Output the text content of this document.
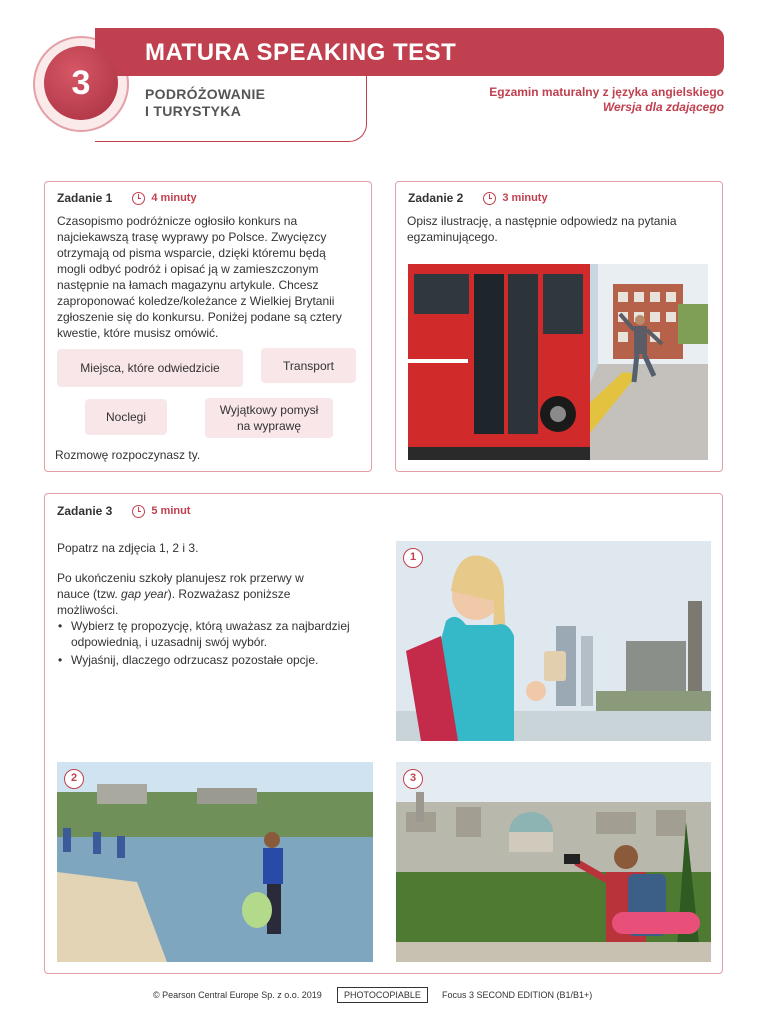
MATURA SPEAKING TEST
3	PODRÓŻOWANIE
I TURYSTYKA
Egzamin maturalny z języka angielskiego
Wersja dla zdającego
Zadanie 1	4 minuty
Czasopismo podróżnicze ogłosiło konkurs na najciekawszą trasę wyprawy po Polsce. Zwycięzcy otrzymają od pisma wsparcie, dzięki któremu będą mogli odbyć podróż i opisać ją w zamieszczonym następnie na łamach magazynu artykule. Chcesz zaproponować koledze/koleżance z Wielkiej Brytanii zgłoszenie się do konkursu. Poniżej podane są cztery kwestie, które musisz omówić.
Miejsca, które odwiedzicie	Transport
Noclegi	Wyjątkowy pomysł na wyprawę
Rozmowę rozpoczynasz ty.
Zadanie 2	3 minuty
Opisz ilustrację, a następnie odpowiedz na pytania egzaminującego.
Zadanie 3	5 minut
Popatrz na zdjęcia 1, 2 i 3.
Po ukończeniu szkoły planujesz rok przerwy w nauce (tzw. gap year). Rozważasz poniższe możliwości.
• Wybierz tę propozycję, którą uważasz za najbardziej odpowiednią, i uzasadnij swój wybór.
• Wyjaśnij, dlaczego odrzucasz pozostałe opcje.
1
2	3
© Pearson Central Europe Sp. z o.o. 2019	PHOTOCOPIABLE	Focus 3 SECOND EDITION (B1/B1+)
